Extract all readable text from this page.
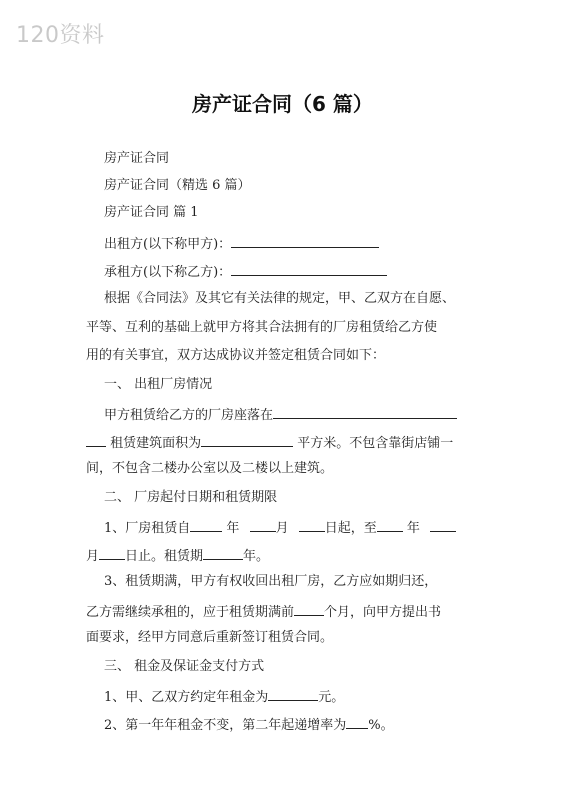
120资料
房产证合同（6 篇）
房产证合同
房产证合同（精选 6 篇）
房产证合同 篇 1
出租方(以下称甲方)：
承租方(以下称乙方)：
根据《合同法》及其它有关法律的规定，甲、乙双方在自愿、
平等、互利的基础上就甲方将其合法拥有的厂房租赁给乙方使
用的有关事宜，双方达成协议并签定租赁合同如下：
一、 出租厂房情况
甲方租赁给乙方的厂房座落在
租赁建筑面积为	平方米。不包含靠街店铺一
间，不包含二楼办公室以及二楼以上建筑。
二、 厂房起付日期和租赁期限
1、厂房租赁自	年	月	日起，至 年
月 日止。租赁期	年。
3、租赁期满，甲方有权收回出租厂房，乙方应如期归还，
乙方需继续承租的，应于租赁期满前 个月，向甲方提出书
面要求，经甲方同意后重新签订租赁合同。
三、 租金及保证金支付方式
1、甲、乙双方约定年租金为	元。
2、第一年年租金不变，第二年起递增率为 %。
